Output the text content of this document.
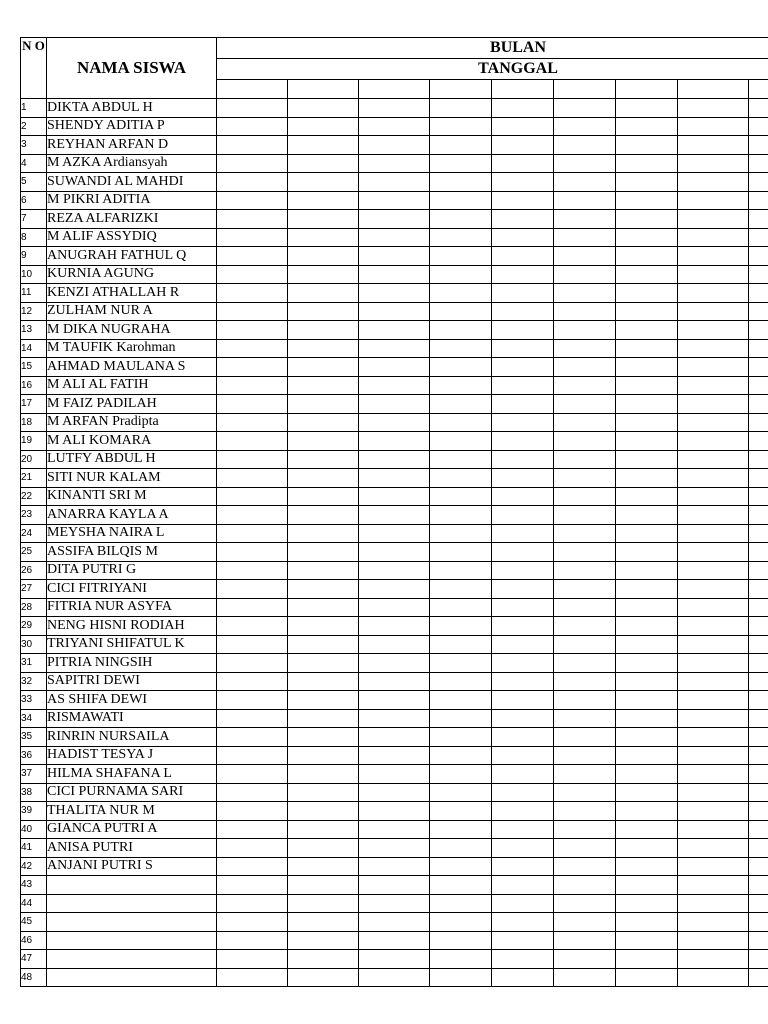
N O	NAMA SISWA	BULAN								
		TANGGAL								

1	DIKTA ABDUL H									
2	SHENDY ADITIA P									
3	REYHAN ARFAN D									
4	M AZKA Ardiansyah									
5	SUWANDI AL MAHDI									
6	M PIKRI ADITIA									
7	REZA ALFARIZKI									
8	M ALIF ASSYDIQ									
9	ANUGRAH FATHUL Q									
10	KURNIA AGUNG									
11	KENZI ATHALLAH R									
12	ZULHAM NUR A									
13	M DIKA NUGRAHA									
14	M TAUFIK Karohman									
15	AHMAD MAULANA S									
16	M ALI AL FATIH									
17	M FAIZ PADILAH									
18	M ARFAN Pradipta									
19	M ALI KOMARA									
20	LUTFY ABDUL H									
21	SITI NUR KALAM									
22	KINANTI SRI M									
23	ANARRA KAYLA A									
24	MEYSHA NAIRA L									
25	ASSIFA BILQIS M									
26	DITA PUTRI G									
27	CICI FITRIYANI									
28	FITRIA NUR ASYFA									
29	NENG HISNI RODIAH									
30	TRIYANI SHIFATUL K									
31	PITRIA NINGSIH									
32	SAPITRI DEWI									
33	AS SHIFA DEWI									
34	RISMAWATI									
35	RINRIN NURSAILA									
36	HADIST TESYA J									
37	HILMA SHAFANA L									
38	CICI PURNAMA SARI									
39	THALITA NUR M									
40	GIANCA PUTRI A									
41	ANISA PUTRI									
42	ANJANI PUTRI S									
43										
44										
45										
46										
47										
48										
